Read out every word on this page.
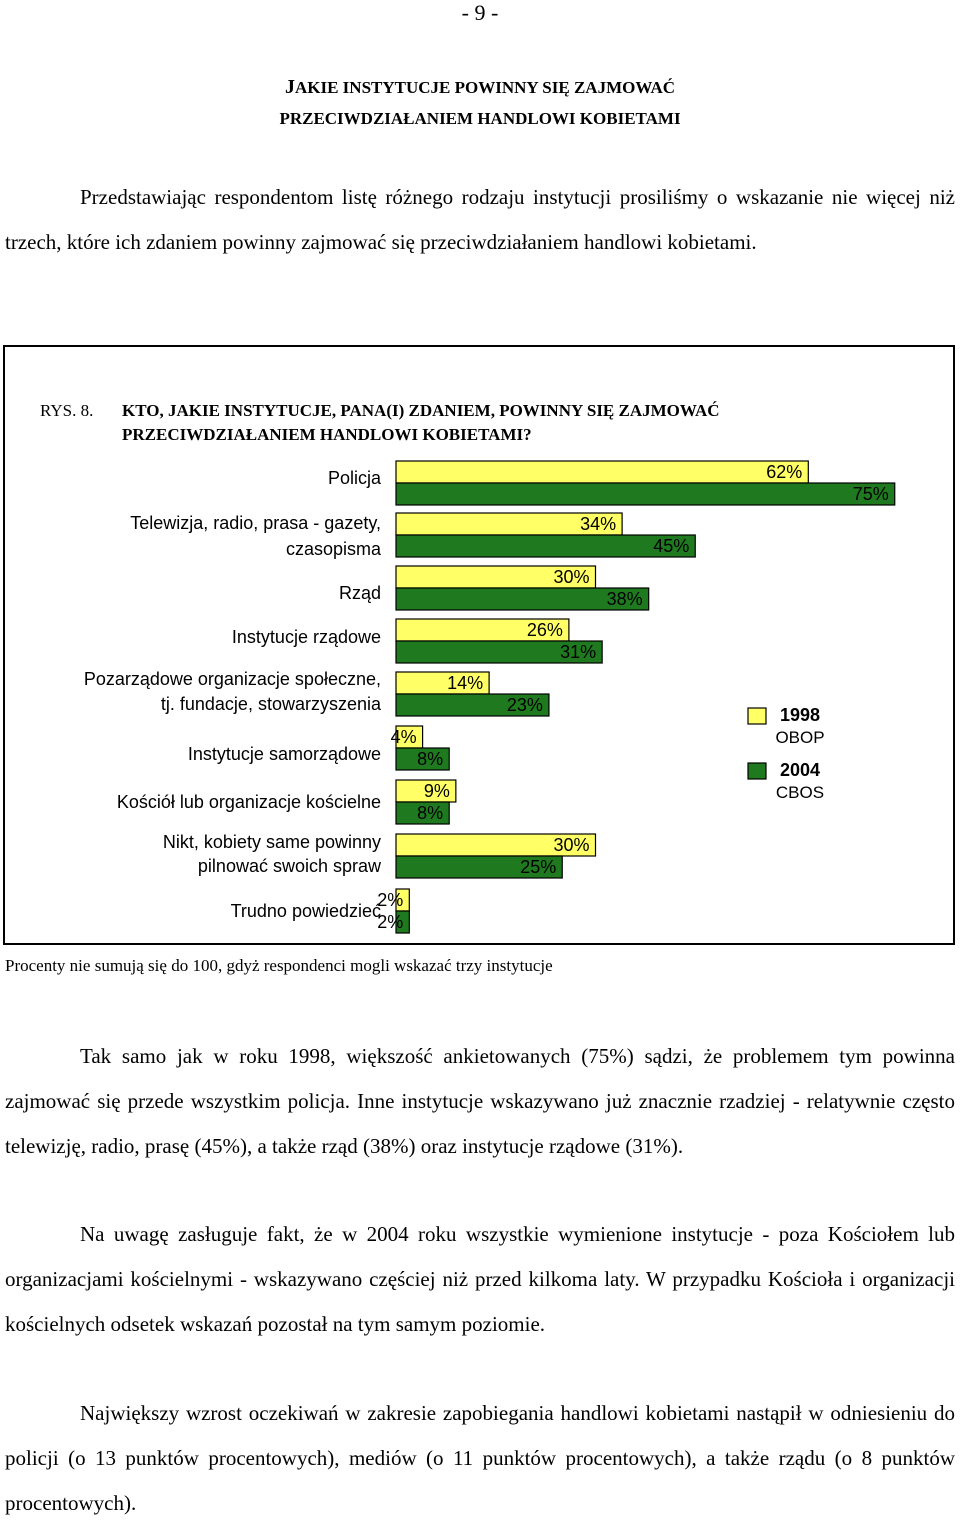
- 9 -
JAKIE INSTYTUCJE POWINNY SIĘ ZAJMOWAĆ
PRZECIWDZIAŁANIEM HANDLOWI KOBIETAMI

Przedstawiając respondentom listę różnego rodzaju instytucji prosiliśmy o wskazanie nie więcej niż trzech, które ich zdaniem powinny zajmować się przeciwdziałaniem handlowi kobietami.

RYS. 8. KTO, JAKIE INSTYTUCJE, PANA(I) ZDANIEM, POWINNY SIĘ ZAJMOWAĆ
PRZECIWDZIAŁANIEM HANDLOWI KOBIETAMI?
Policja	62%
75%
Telewizja, radio, prasa - gazety,
czasopisma
34%
45%
Rząd
30%
38%
Instytucje rządowe	26%
31%
Pozarządowe organizacje społeczne,
tj. fundacje, stowarzyszenia
14%
23%
Instytucje samorządowe
4%
8%
Kościół lub organizacje kościelne
9%
8%
Nikt, kobiety same powinny
pilnować swoich spraw
30%
25%
Trudno powiedzieć
2%
2%
1998
OBOP
2004
CBOS
Procenty nie sumują się do 100, gdyż respondenci mogli wskazać trzy instytucje

Tak samo jak w roku 1998, większość ankietowanych (75%) sądzi, że problemem tym powinna zajmować się przede wszystkim policja. Inne instytucje wskazywano już znacznie rzadziej - relatywnie często telewizję, radio, prasę (45%), a także rząd (38%) oraz instytucje rządowe (31%).

Na uwagę zasługuje fakt, że w 2004 roku wszystkie wymienione instytucje - poza Kościołem lub organizacjami kościelnymi - wskazywano częściej niż przed kilkoma laty. W przypadku Kościoła i organizacji kościelnych odsetek wskazań pozostał na tym samym poziomie.

Największy wzrost oczekiwań w zakresie zapobiegania handlowi kobietami nastąpił w odniesieniu do policji (o 13 punktów procentowych), mediów (o 11 punktów procentowych), a także rządu (o 8 punktów procentowych).
